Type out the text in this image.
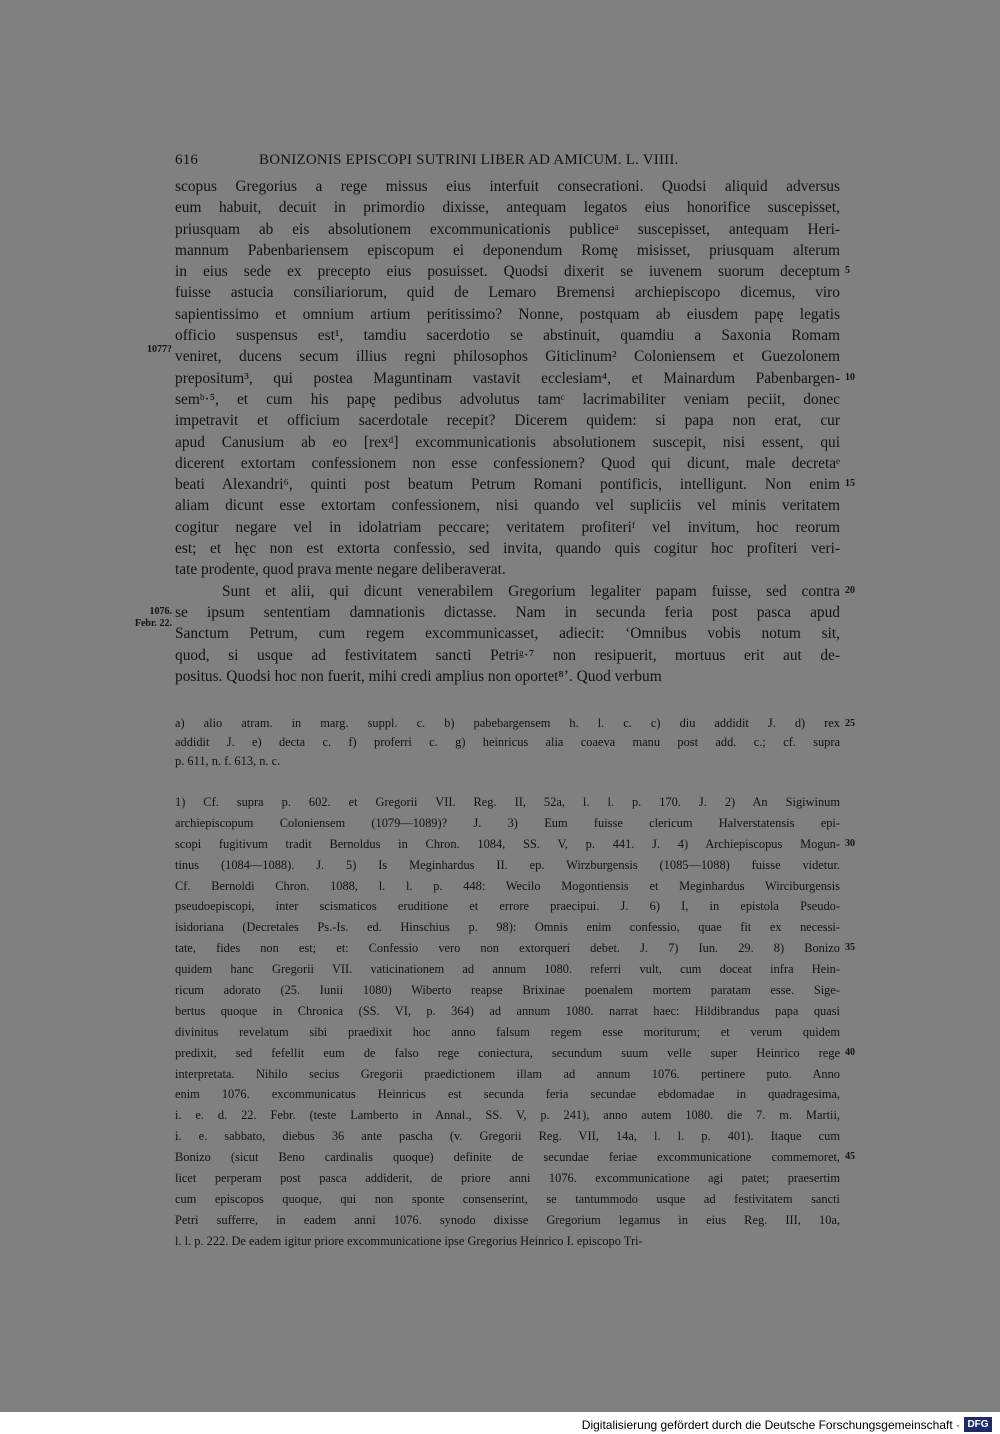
616	BONIZONIS EPISCOPI SUTRINI LIBER AD AMICUM. L. VIIII.
scopus Gregorius a rege missus eius interfuit consecrationi. Quodsi aliquid adversus
eum habuit, decuit in primordio dixisse, antequam legatos eius honorifice suscepisset,
priusquam ab eis absolutionem excommunicationis publiceᵃ suscepisset, antequam Heri-
mannum Pabenbariensem episcopum ei deponendum Romę misisset, priusquam alterum
in eius sede ex precepto eius posuisset. Quodsi dixerit se iuvenem suorum deceptum
fuisse astucia consiliariorum, quid de Lemaro Bremensi archiepiscopo dicemus, viro
sapientissimo et omnium artium peritissimo? Nonne, postquam ab eiusdem papę legatis
officio suspensus est¹, tamdiu sacerdotio se abstinuit, quamdiu a Saxonia Romam
veniret, ducens secum illius regni philosophos Giticlinum² Coloniensem et Guezolonem
prepositum³, qui postea Maguntinam vastavit ecclesiam⁴, et Mainardum Pabenbargen-
semᵇ·⁵, et cum his papę pedibus advolutus tamᶜ lacrimabiliter veniam peciit, donec
impetravit et officium sacerdotale recepit? Dicerem quidem: si papa non erat, cur
apud Canusium ab eo [rexᵈ] excommunicationis absolutionem suscepit, nisi essent, qui
dicerent extortam confessionem non esse confessionem? Quod qui dicunt, male decretaᵉ
beati Alexandri⁶, quinti post beatum Petrum Romani pontificis, intelligunt. Non enim
aliam dicunt esse extortam confessionem, nisi quando vel supliciis vel minis veritatem
cogitur negare vel in idolatriam peccare; veritatem profiteriᶠ vel invitum, hoc reorum
est; et hęc non est extorta confessio, sed invita, quando quis cogitur hoc profiteri veri-
tate prodente, quod prava mente negare deliberaverat.
Sunt et alii, qui dicunt venerabilem Gregorium legaliter papam fuisse, sed contra
se ipsum sententiam damnationis dictasse. Nam in secunda feria post pasca apud
Sanctum Petrum, cum regem excommunicasset, adiecit: ‘Omnibus vobis notum sit,
quod, si usque ad festivitatem sancti Petriᵍ·⁷ non resipuerit, mortuus erit aut de-
positus. Quodsi hoc non fuerit, mihi credi amplius non oportet⁸’. Quod verbum
1077?
1076.
Febr. 22.
a) alio atram. in marg. suppl. c. b) pabebargensem h. l. c. c) diu addidit J. d) rex
addidit J. e) decta c. f) proferri c. g) heinricus alia coaeva manu post add. c.; cf. supra
p. 611, n. f. 613, n. c.
1) Cf. supra p. 602. et Gregorii VII. Reg. II, 52a, l. l. p. 170. J. 2) An Sigiwinum
archiepiscopum Coloniensem (1079—1089)? J. 3) Eum fuisse clericum Halverstatensis epi-
scopi fugitivum tradit Bernoldus in Chron. 1084, SS. V, p. 441. J. 4) Archiepiscopus Mogun-
tinus (1084—1088). J. 5) Is Meginhardus II. ep. Wirzburgensis (1085—1088) fuisse videtur.
Cf. Bernoldi Chron. 1088, l. l. p. 448: Wecilo Mogontiensis et Meginhardus Wirciburgensis
pseudoepiscopi, inter scismaticos eruditione et errore praecipui. J. 6) I, in epistola Pseudo-
isidoriana (Decretales Ps.-Is. ed. Hinschius p. 98): Omnis enim confessio, quae fit ex necessi-
tate, fides non est; et: Confessio vero non extorqueri debet. J. 7) Iun. 29. 8) Bonizo
quidem hanc Gregorii VII. vaticinationem ad annum 1080. referri vult, cum doceat infra Hein-
ricum adorato (25. Iunii 1080) Wiberto reapse Brixinae poenalem mortem paratam esse. Sige-
bertus quoque in Chronica (SS. VI, p. 364) ad annum 1080. narrat haec: Hildibrandus papa quasi
divinitus revelatum sibi praedixit hoc anno falsum regem esse moriturum; et verum quidem
predixit, sed fefellit eum de falso rege coniectura, secundum suum velle super Heinrico rege
interpretata. Nihilo secius Gregorii praedictionem illam ad annum 1076. pertinere puto. Anno
enim 1076. excommunicatus Heinricus est secunda feria secundae ebdomadae in quadragesima,
i. e. d. 22. Febr. (teste Lamberto in Annal., SS. V, p. 241), anno autem 1080. die 7. m. Martii,
i. e. sabbato, diebus 36 ante pascha (v. Gregorii Reg. VII, 14a, l. l. p. 401). Itaque cum
Bonizo (sicut Beno cardinalis quoque) definite de secundae feriae excommunicatione commemoret,
licet perperam post pasca addiderit, de priore anni 1076. excommunicatione agi patet; praesertim
cum episcopos quoque, qui non sponte consenserint, se tantummodo usque ad festivitatem sancti
Petri sufferre, in eadem anni 1076. synodo dixisse Gregorium legamus in eius Reg. III, 10a,
l. l. p. 222. De eadem igitur priore excommunicatione ipse Gregorius Heinrico I. episcopo Tri-
5
10
15
20
25
30
35
40
45
Digitalisierung gefördert durch die Deutsche Forschungsgemeinschaft · DFG
